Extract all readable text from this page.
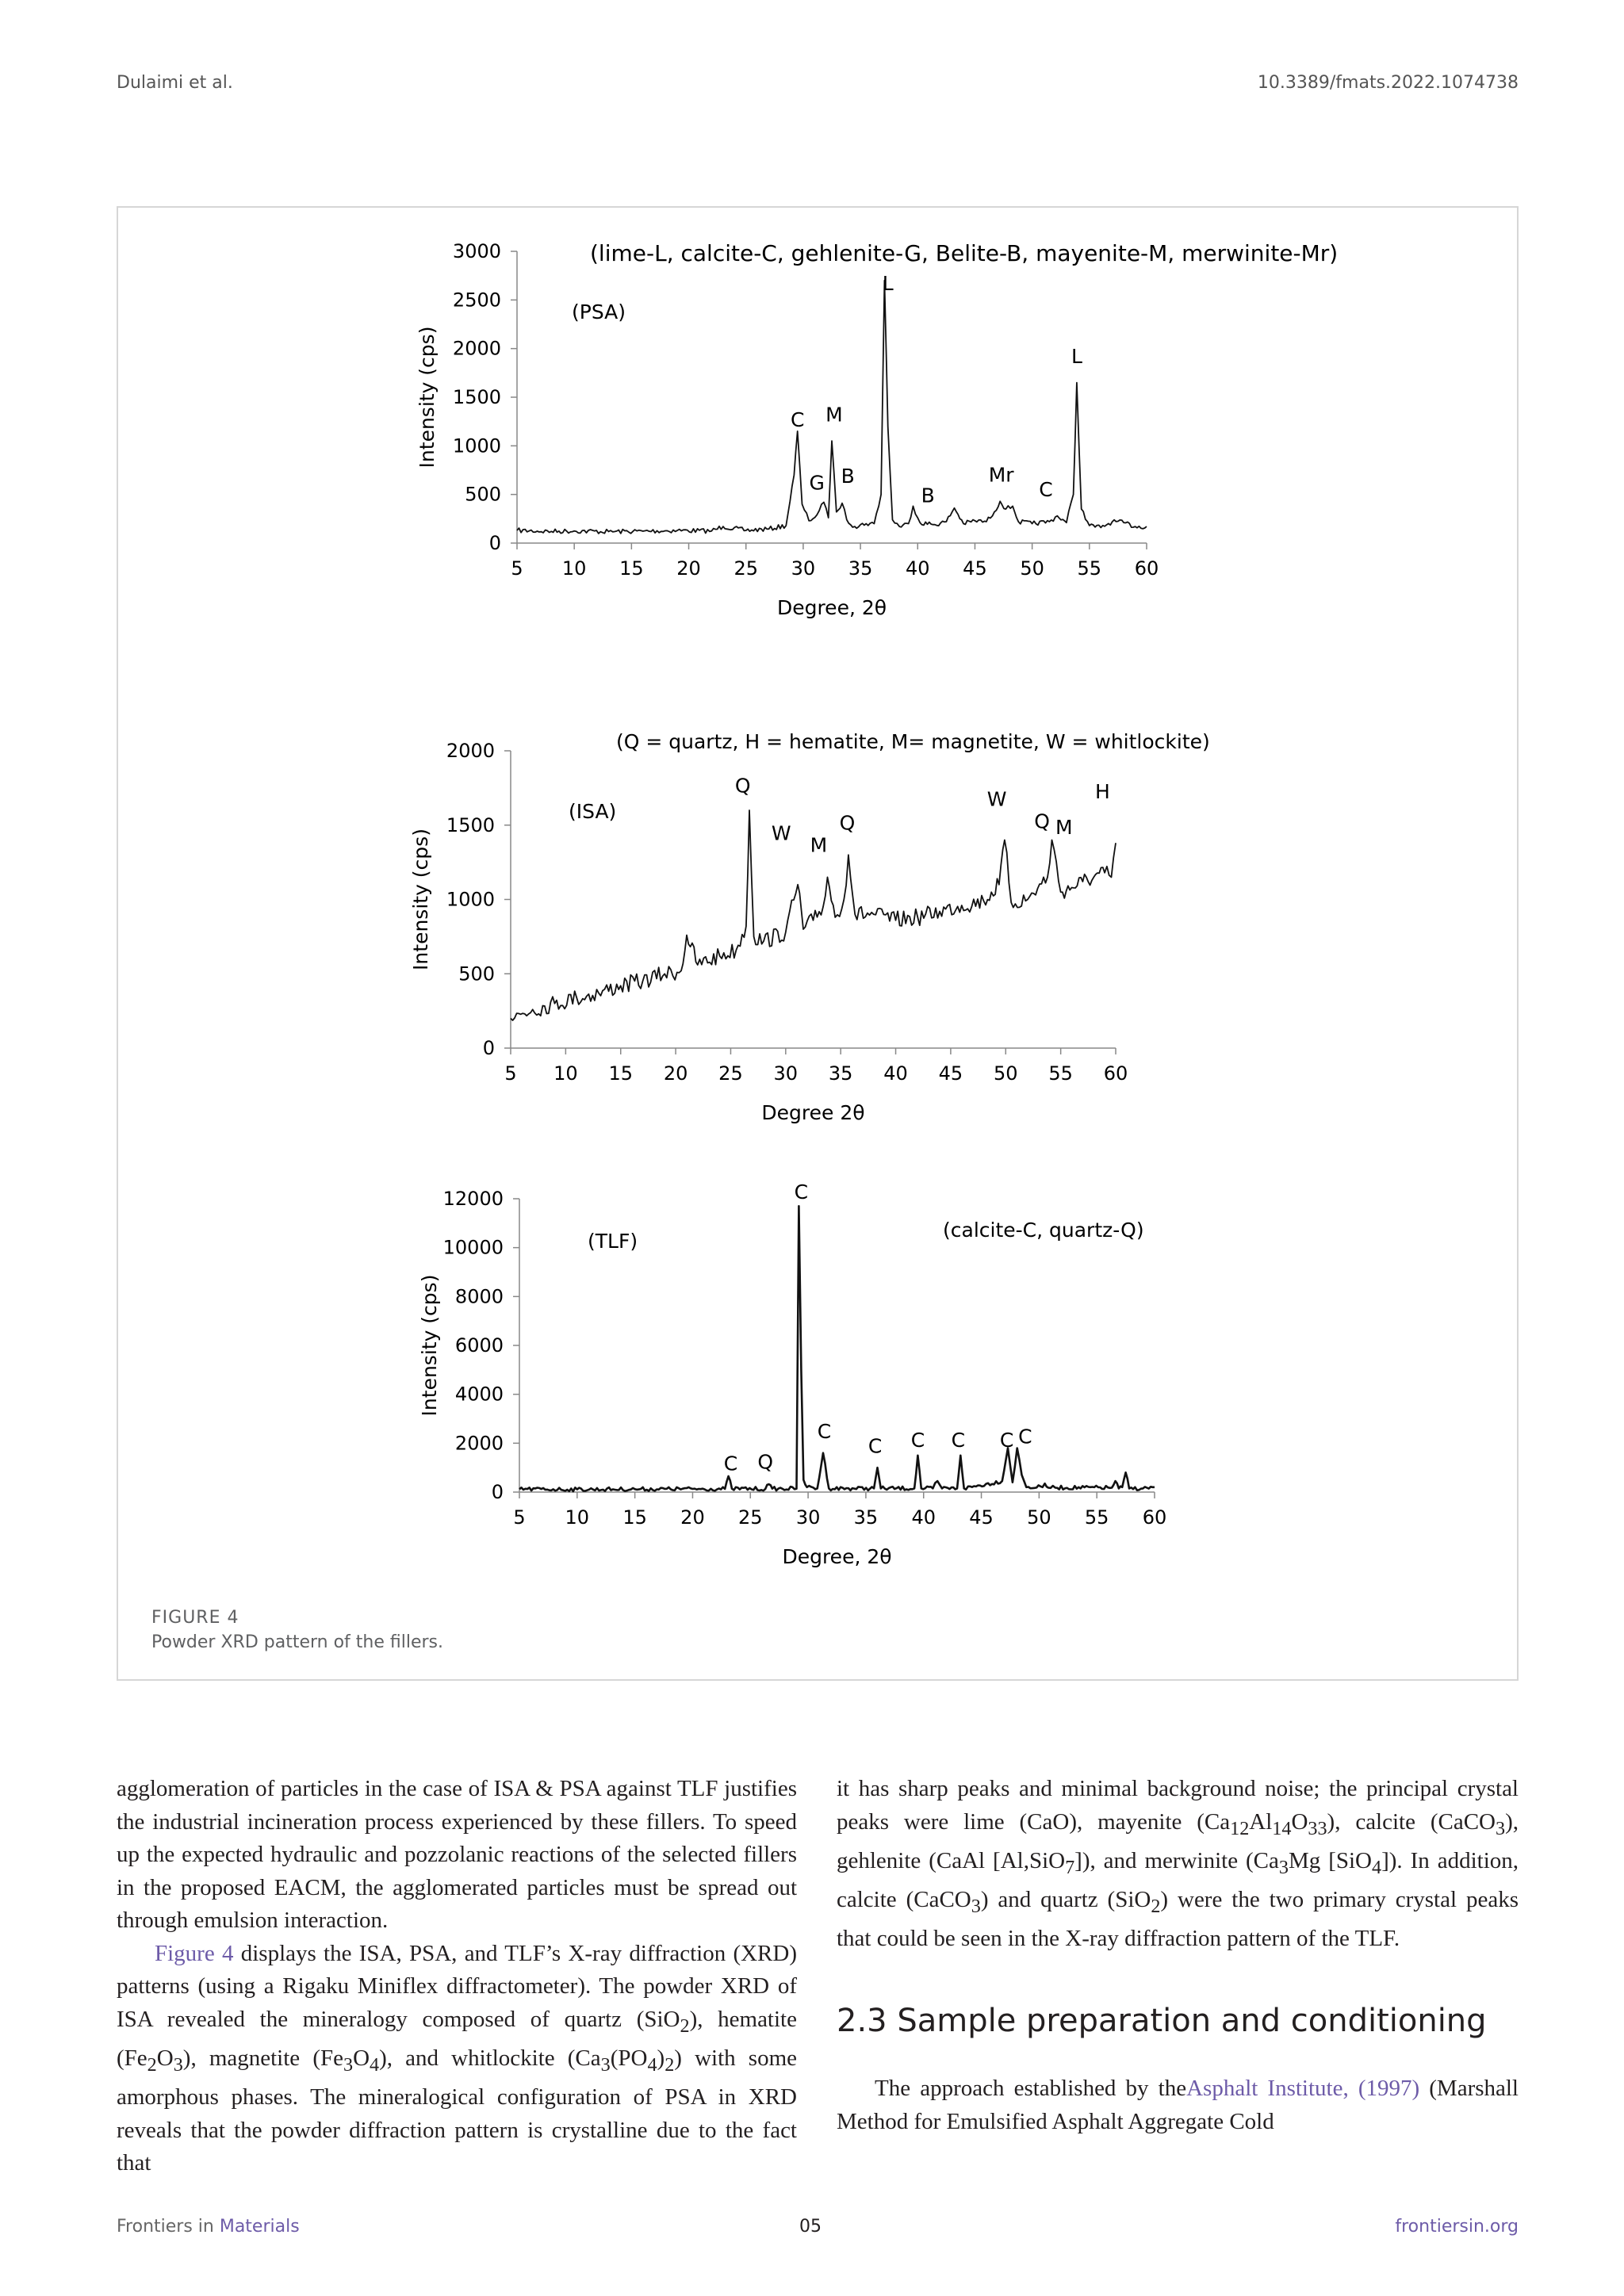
Dulaimi et al.	10.3389/fmats.2022.1074738
5 10 15 20 25 30 35 40 45 50 55 60
0
500
1000
1500
2000
2500
3000
Degree, 2θ
Intensity (cps)
(lime-L, calcite-C, gehlenite-G, Belite-B, mayenite-M, merwinite-Mr)
(PSA)
L
L
C M
G B
B
Mr
C
5 10 15 20 25 30 35 40 45 50 55 60
0
500
1000
1500
2000
Degree 2θ
Intensity (cps)
(Q = quartz, H = hematite, M= magnetite, W = whitlockite)
(ISA)
Q
W
M
Q
W
Q M
H
5 10 15 20 25 30 35 40 45 50 55 60
0
2000
4000
6000
8000
10000
12000
Degree, 2θ
Intensity (cps)
(calcite-C, quartz-Q)
(TLF)
C
C Q
C
C C C C C
FIGURE 4
Powder XRD pattern of the fillers.

agglomeration of particles in the case of ISA & PSA against TLF justifies the industrial incineration process experienced by these fillers. To speed up the expected hydraulic and pozzolanic reactions of the selected fillers in the proposed EACM, the agglomerated particles must be spread out through emulsion interaction.

Figure 4 displays the ISA, PSA, and TLF’s X-ray diffraction (XRD) patterns (using a Rigaku Miniflex diffractometer). The powder XRD of ISA revealed the mineralogy composed of quartz (SiO$_2$), hematite $(Fe_2O_3)$, magnetite $(Fe_3O_4)$, and whitlockite $(Ca_3(PO_4)_2)$ with some amorphous phases. The mineralogical configuration of PSA in XRD reveals that the powder diffraction pattern is crystalline due to the fact that

it has sharp peaks and minimal background noise; the principal crystal peaks were lime (CaO), mayenite $(Ca_{12}Al_{14}O_{33})$, calcite (CaCO$_3$), gehlenite (CaAl [Al,SiO$_7$]), and merwinite ($Ca_3Mg$ [SiO$_4$]). In addition, calcite (CaCO$_3$) and quartz (SiO$_2$) were the two primary crystal peaks that could be seen in the X-ray diffraction pattern of the TLF.

2.3 Sample preparation and conditioning

The approach established by theAsphalt Institute, (1997) (Marshall Method for Emulsified Asphalt Aggregate Cold

Frontiers in Materials	05	frontiersin.org
